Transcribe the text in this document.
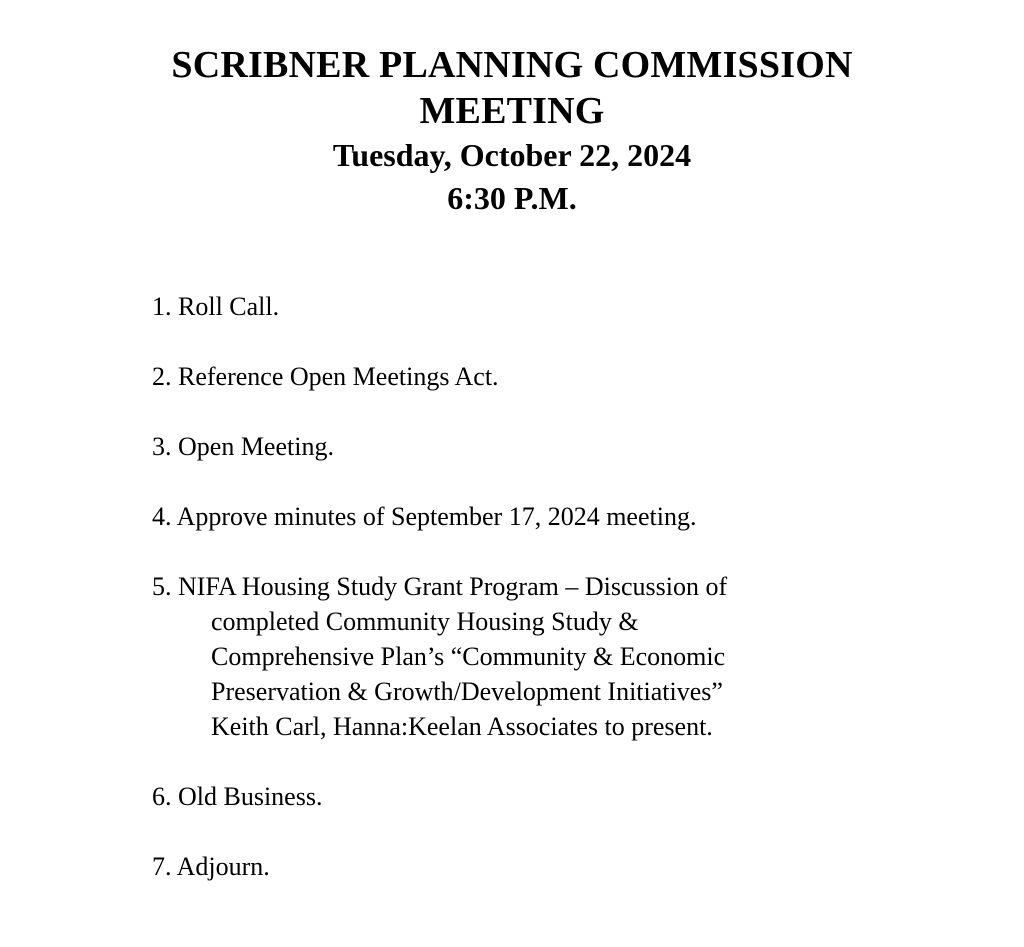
SCRIBNER PLANNING COMMISSION
MEETING
Tuesday, October 22, 2024
6:30 P.M.
1. Roll Call.
2. Reference Open Meetings Act.
3. Open Meeting.
4. Approve minutes of September 17, 2024 meeting.
5. NIFA Housing Study Grant Program – Discussion of
completed Community Housing Study &
Comprehensive Plan’s “Community & Economic
Preservation & Growth/Development Initiatives”
Keith Carl, Hanna:Keelan Associates to present.
6. Old Business.
7. Adjourn.
